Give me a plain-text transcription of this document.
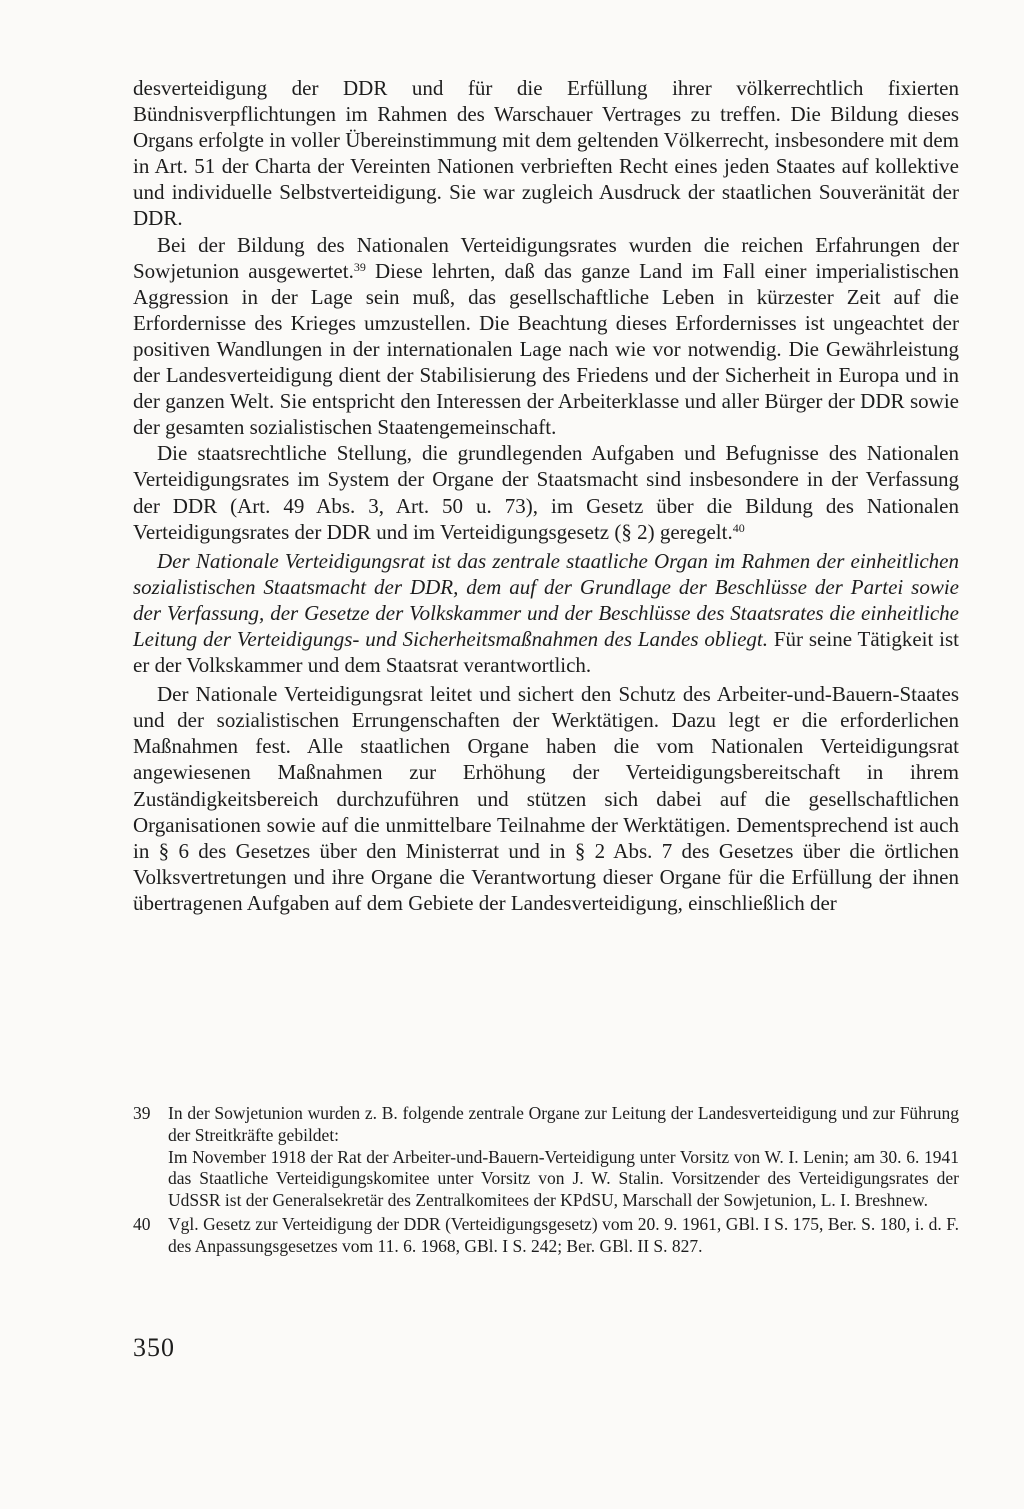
desverteidigung der DDR und für die Erfüllung ihrer völkerrechtlich fixierten Bündnisverpflichtungen im Rahmen des Warschauer Vertrages zu treffen. Die Bildung dieses Organs erfolgte in voller Übereinstimmung mit dem geltenden Völkerrecht, insbesondere mit dem in Art. 51 der Charta der Vereinten Nationen verbrieften Recht eines jeden Staates auf kollektive und individuelle Selbstverteidigung. Sie war zugleich Ausdruck der staatlichen Souveränität der DDR.

Bei der Bildung des Nationalen Verteidigungsrates wurden die reichen Erfahrungen der Sowjetunion ausgewertet.$^{39}$ Diese lehrten, daß das ganze Land im Fall einer imperialistischen Aggression in der Lage sein muß, das gesellschaftliche Leben in kürzester Zeit auf die Erfordernisse des Krieges umzustellen. Die Beachtung dieses Erfordernisses ist ungeachtet der positiven Wandlungen in der internationalen Lage nach wie vor notwendig. Die Gewährleistung der Landesverteidigung dient der Stabilisierung des Friedens und der Sicherheit in Europa und in der ganzen Welt. Sie entspricht den Interessen der Arbeiterklasse und aller Bürger der DDR sowie der gesamten sozialistischen Staatengemeinschaft.

Die staatsrechtliche Stellung, die grundlegenden Aufgaben und Befugnisse des Nationalen Verteidigungsrates im System der Organe der Staatsmacht sind insbesondere in der Verfassung der DDR (Art. 49 Abs. 3, Art. 50 u. 73), im Gesetz über die Bildung des Nationalen Verteidigungsrates der DDR und im Verteidigungsgesetz (§ 2) geregelt.$^{40}$

Der Nationale Verteidigungsrat ist das zentrale staatliche Organ im Rahmen der einheitlichen sozialistischen Staatsmacht der DDR, dem auf der Grundlage der Beschlüsse der Partei sowie der Verfassung, der Gesetze der Volkskammer und der Beschlüsse des Staatsrates die einheitliche Leitung der Verteidigungs- und Sicherheitsmaßnahmen des Landes obliegt. Für seine Tätigkeit ist er der Volkskammer und dem Staatsrat verantwortlich.

Der Nationale Verteidigungsrat leitet und sichert den Schutz des Arbeiter-und-Bauern-Staates und der sozialistischen Errungenschaften der Werktätigen. Dazu legt er die erforderlichen Maßnahmen fest. Alle staatlichen Organe haben die vom Nationalen Verteidigungsrat angewiesenen Maßnahmen zur Erhöhung der Verteidigungsbereitschaft in ihrem Zuständigkeitsbereich durchzuführen und stützen sich dabei auf die gesellschaftlichen Organisationen sowie auf die unmittelbare Teilnahme der Werktätigen. Dementsprechend ist auch in § 6 des Gesetzes über den Ministerrat und in § 2 Abs. 7 des Gesetzes über die örtlichen Volksvertretungen und ihre Organe die Verantwortung dieser Organe für die Erfüllung der ihnen übertragenen Aufgaben auf dem Gebiete der Landesverteidigung, einschließlich der

39 In der Sowjetunion wurden z. B. folgende zentrale Organe zur Leitung der Landesverteidigung und zur Führung der Streitkräfte gebildet:
Im November 1918 der Rat der Arbeiter-und-Bauern-Verteidigung unter Vorsitz von W. I. Lenin; am 30. 6. 1941 das Staatliche Verteidigungskomitee unter Vorsitz von J. W. Stalin. Vorsitzender des Verteidigungsrates der UdSSR ist der Generalsekretär des Zentralkomitees der KPdSU, Marschall der Sowjetunion, L. I. Breshnew.
40 Vgl. Gesetz zur Verteidigung der DDR (Verteidigungsgesetz) vom 20. 9. 1961, GBl. I S. 175, Ber. S. 180, i. d. F. des Anpassungsgesetzes vom 11. 6. 1968, GBl. I S. 242; Ber. GBl. II S. 827.
350
